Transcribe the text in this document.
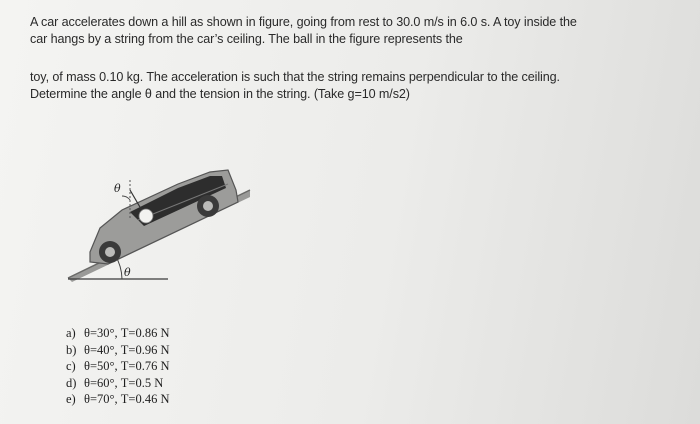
A car accelerates down a hill as shown in figure, going from rest to 30.0 m/s in 6.0 s. A toy inside the
car hangs by a string from the car’s ceiling. The ball in the figure represents the

toy, of mass 0.10 kg. The acceleration is such that the string remains perpendicular to the ceiling.
Determine the angle θ and the tension in the string. (Take g=10 m/s2)

θ
θ
a) θ=30°, T=0.86 N
b) θ=40°, T=0.96 N
c) θ=50°, T=0.76 N
d) θ=60°, T=0.5 N
e) θ=70°, T=0.46 N
